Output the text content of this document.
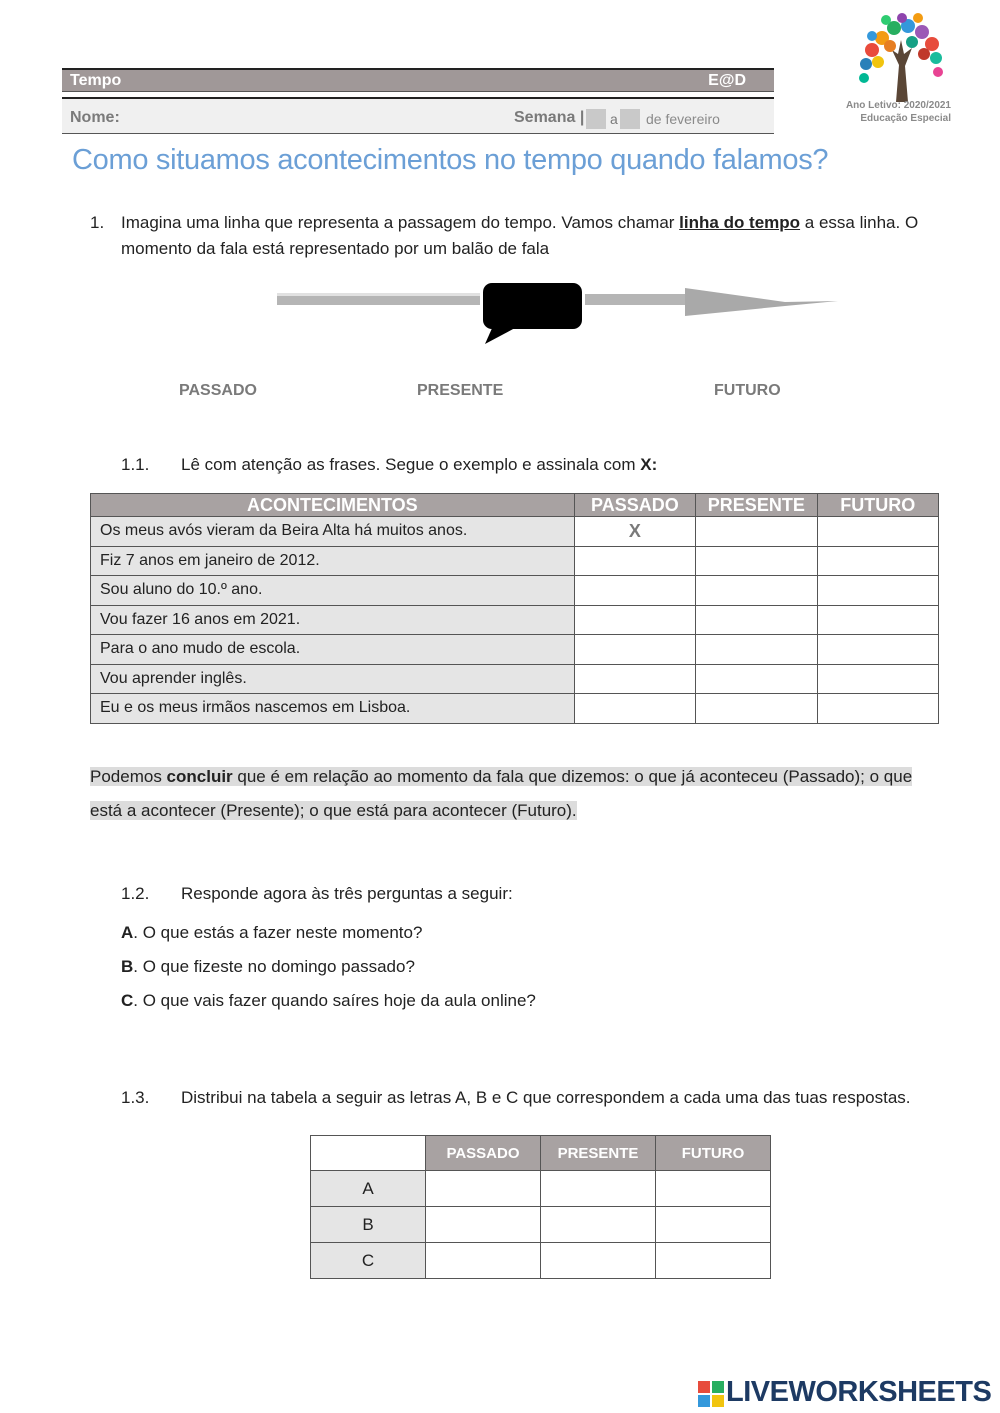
Tempo	E@D
Nome:	Semana | a de fevereiro
Ano Letivo: 2020/2021
Educação Especial
Como situamos acontecimentos no tempo quando falamos?
1. Imagina uma linha que representa a passagem do tempo. Vamos chamar linha do tempo a essa linha. O momento da fala está representado por um balão de fala
PASSADO	PRESENTE	FUTURO
1.1. Lê com atenção as frases. Segue o exemplo e assinala com X:
ACONTECIMENTOS	PASSADO	PRESENTE	FUTURO
Os meus avós vieram da Beira Alta há muitos anos.	X		
Fiz 7 anos em janeiro de 2012.			
Sou aluno do 10.º ano.			
Vou fazer 16 anos em 2021.			
Para o ano mudo de escola.			
Vou aprender inglês.			
Eu e os meus irmãos nascemos em Lisboa.			
Podemos concluir que é em relação ao momento da fala que dizemos: o que já aconteceu (Passado); o que está a acontecer (Presente); o que está para acontecer (Futuro).
1.2. Responde agora às três perguntas a seguir:
A. O que estás a fazer neste momento?
B. O que fizeste no domingo passado?
C. O que vais fazer quando saíres hoje da aula online?
1.3. Distribui na tabela a seguir as letras A, B e C que correspondem a cada uma das tuas respostas.
	PASSADO	PRESENTE	FUTURO
A			
B			
C			
LIVEWORKSHEETS
